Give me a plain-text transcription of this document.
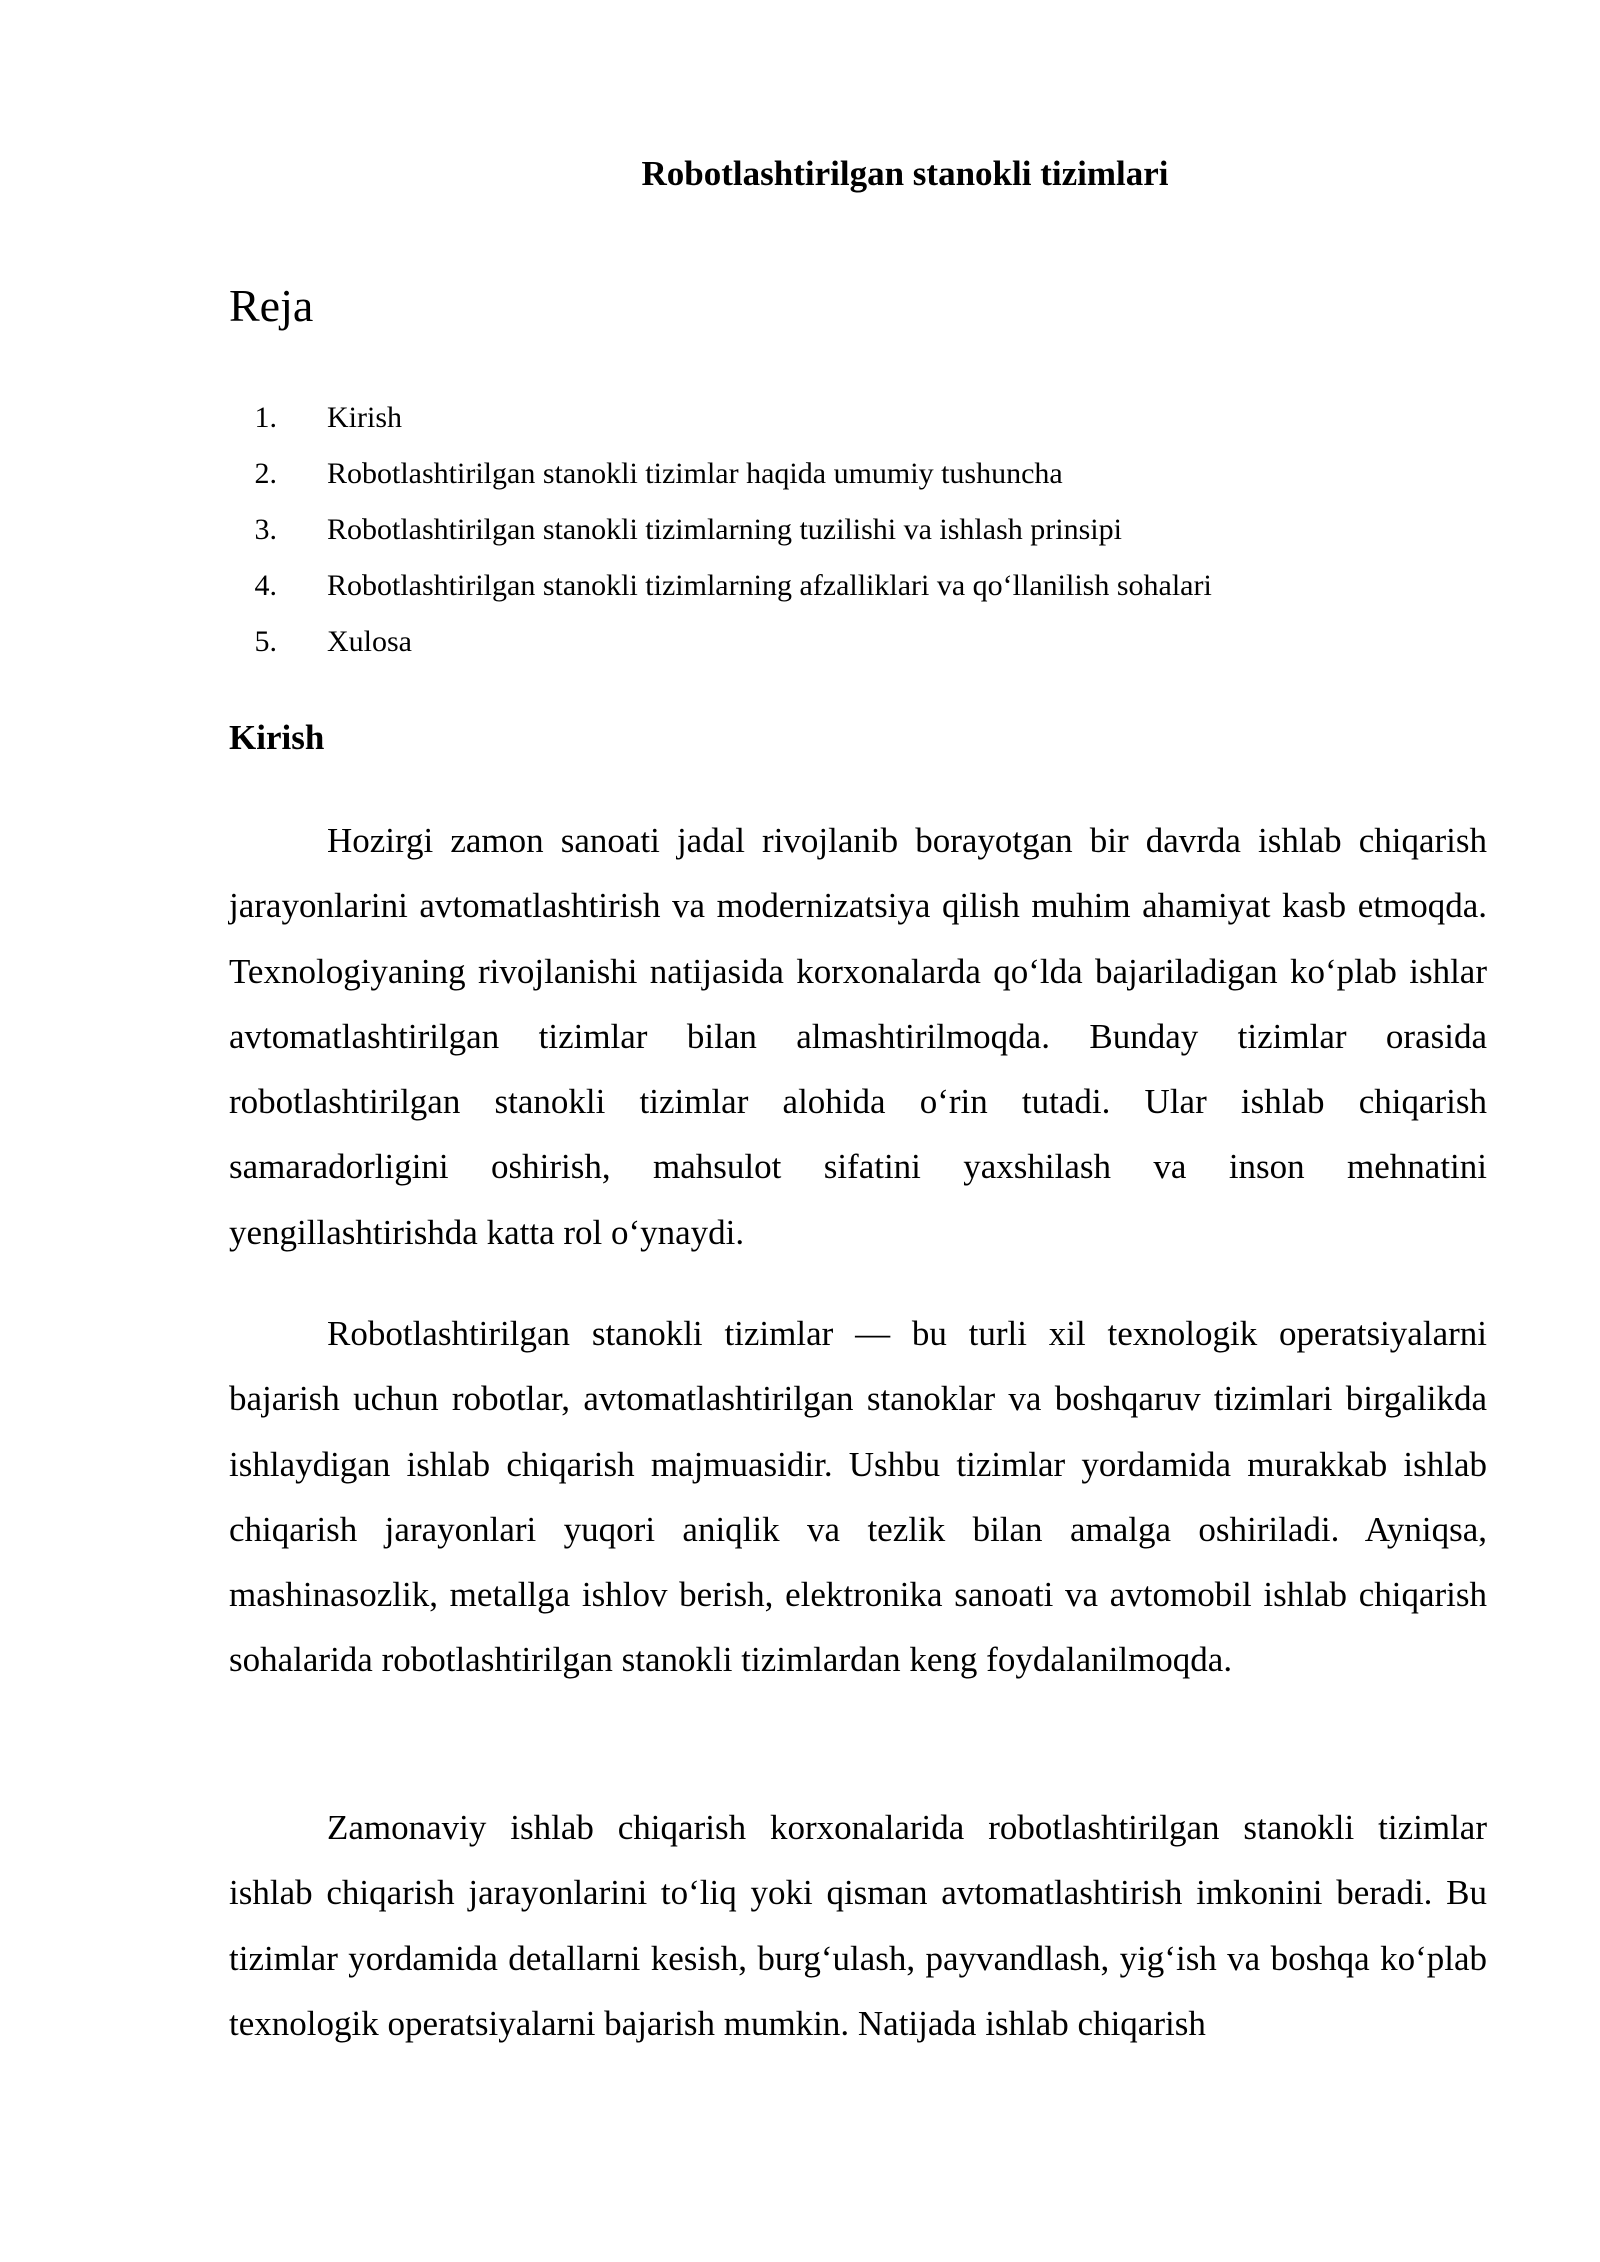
Robotlashtirilgan stanokli tizimlari
Reja
1. Kirish
2. Robotlashtirilgan stanokli tizimlar haqida umumiy tushuncha
3. Robotlashtirilgan stanokli tizimlarning tuzilishi va ishlash prinsipi
4. Robotlashtirilgan stanokli tizimlarning afzalliklari va qo‘llanilish sohalari
5. Xulosa
Kirish

Hozirgi zamon sanoati jadal rivojlanib borayotgan bir davrda ishlab chiqarish jarayonlarini avtomatlashtirish va modernizatsiya qilish muhim ahamiyat kasb etmoqda. Texnologiyaning rivojlanishi natijasida korxonalarda qo‘lda bajariladigan ko‘plab ishlar avtomatlashtirilgan tizimlar bilan almashtirilmoqda. Bunday tizimlar orasida robotlashtirilgan stanokli tizimlar alohida o‘rin tutadi. Ular ishlab chiqarish samaradorligini oshirish, mahsulot sifatini yaxshilash va inson mehnatini yengillashtirishda katta rol o‘ynaydi.

Robotlashtirilgan stanokli tizimlar — bu turli xil texnologik operatsiyalarni bajarish uchun robotlar, avtomatlashtirilgan stanoklar va boshqaruv tizimlari birgalikda ishlaydigan ishlab chiqarish majmuasidir. Ushbu tizimlar yordamida murakkab ishlab chiqarish jarayonlari yuqori aniqlik va tezlik bilan amalga oshiriladi. Ayniqsa, mashinasozlik, metallga ishlov berish, elektronika sanoati va avtomobil ishlab chiqarish sohalarida robotlashtirilgan stanokli tizimlardan keng foydalanilmoqda.

Zamonaviy ishlab chiqarish korxonalarida robotlashtirilgan stanokli tizimlar ishlab chiqarish jarayonlarini to‘liq yoki qisman avtomatlashtirish imkonini beradi. Bu tizimlar yordamida detallarni kesish, burg‘ulash, payvandlash, yig‘ish va boshqa ko‘plab texnologik operatsiyalarni bajarish mumkin. Natijada ishlab chiqarish
